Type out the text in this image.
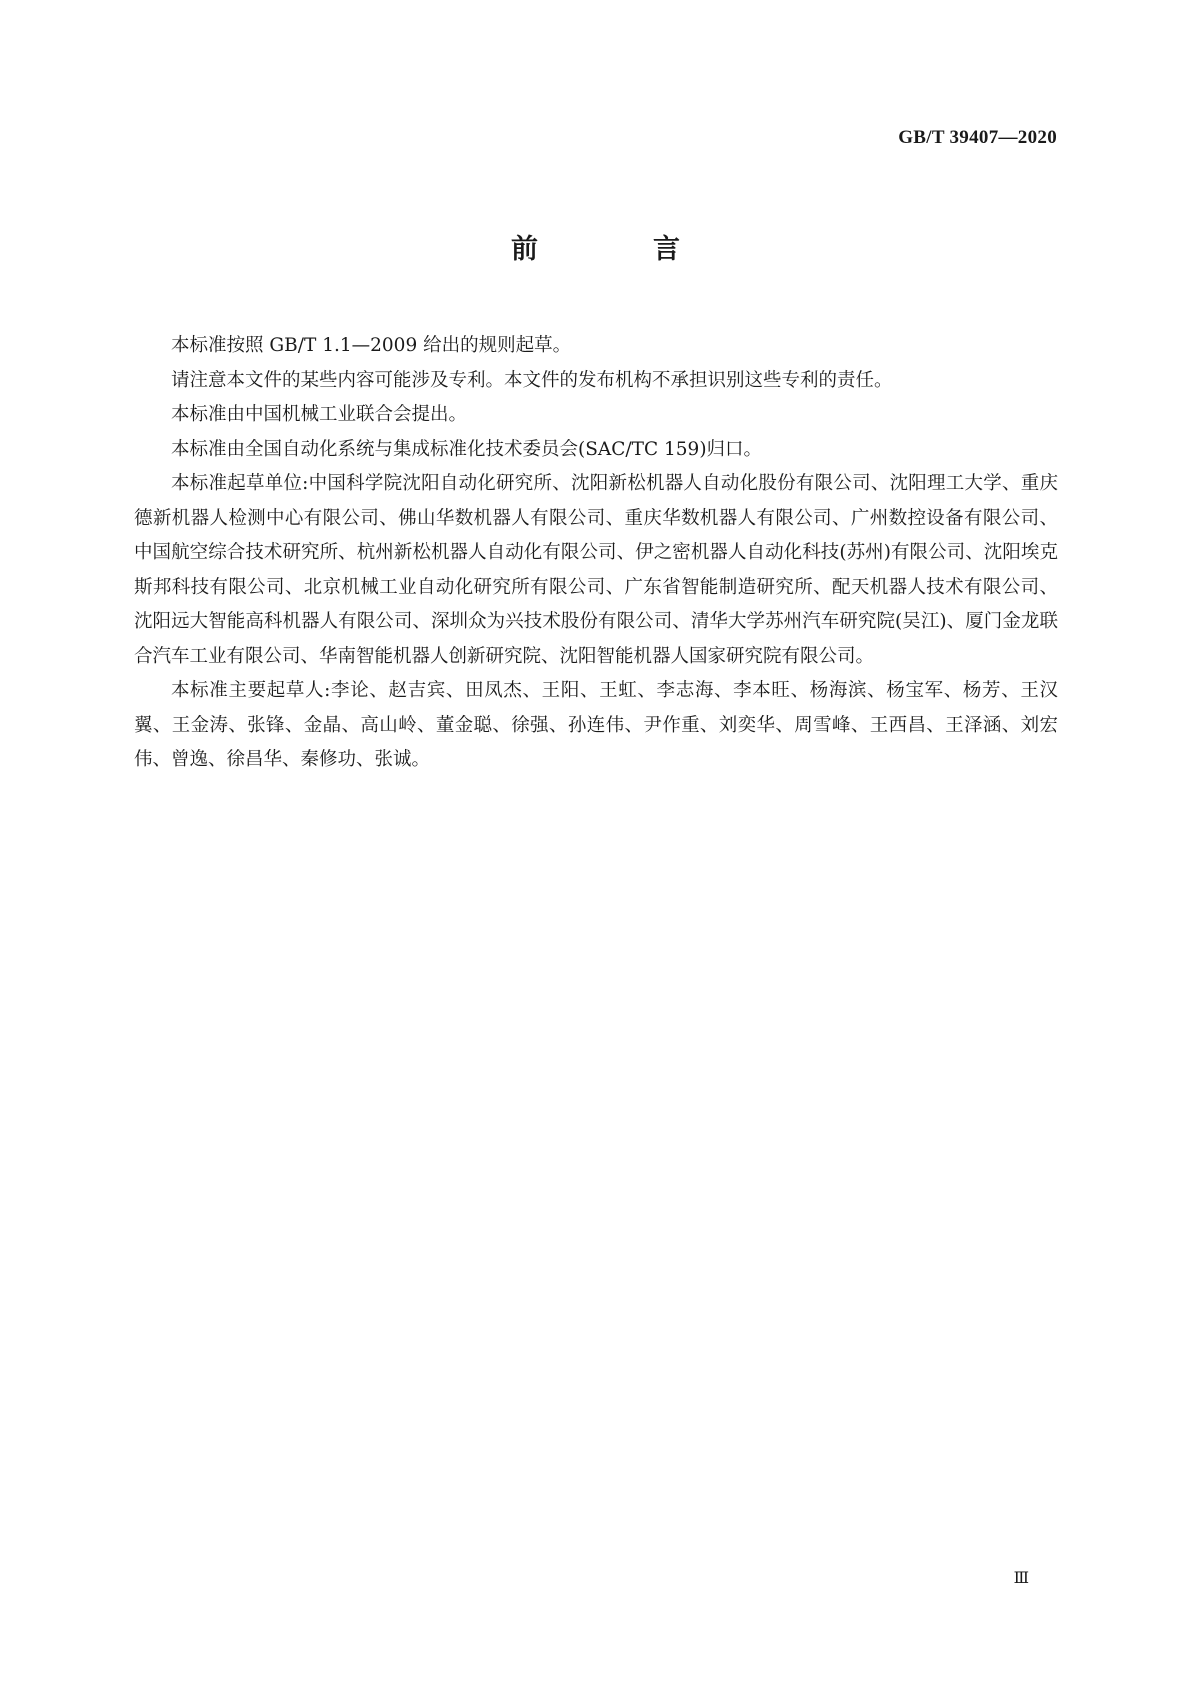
GB/T 39407—2020
前　言

本标准按照 GB/T 1.1—2009 给出的规则起草。

请注意本文件的某些内容可能涉及专利。本文件的发布机构不承担识别这些专利的责任。

本标准由中国机械工业联合会提出。

本标准由全国自动化系统与集成标准化技术委员会(SAC/TC 159)归口。

本标准起草单位:中国科学院沈阳自动化研究所、沈阳新松机器人自动化股份有限公司、沈阳理工大学、重庆德新机器人检测中心有限公司、佛山华数机器人有限公司、重庆华数机器人有限公司、广州数控设备有限公司、中国航空综合技术研究所、杭州新松机器人自动化有限公司、伊之密机器人自动化科技(苏州)有限公司、沈阳埃克斯邦科技有限公司、北京机械工业自动化研究所有限公司、广东省智能制造研究所、配天机器人技术有限公司、沈阳远大智能高科机器人有限公司、深圳众为兴技术股份有限公司、清华大学苏州汽车研究院(吴江)、厦门金龙联合汽车工业有限公司、华南智能机器人创新研究院、沈阳智能机器人国家研究院有限公司。

本标准主要起草人:李论、赵吉宾、田凤杰、王阳、王虹、李志海、李本旺、杨海滨、杨宝军、杨芳、王汉翼、王金涛、张锋、金晶、高山岭、董金聪、徐强、孙连伟、尹作重、刘奕华、周雪峰、王西昌、王泽涵、刘宏伟、曾逸、徐昌华、秦修功、张诚。

Ⅲ
